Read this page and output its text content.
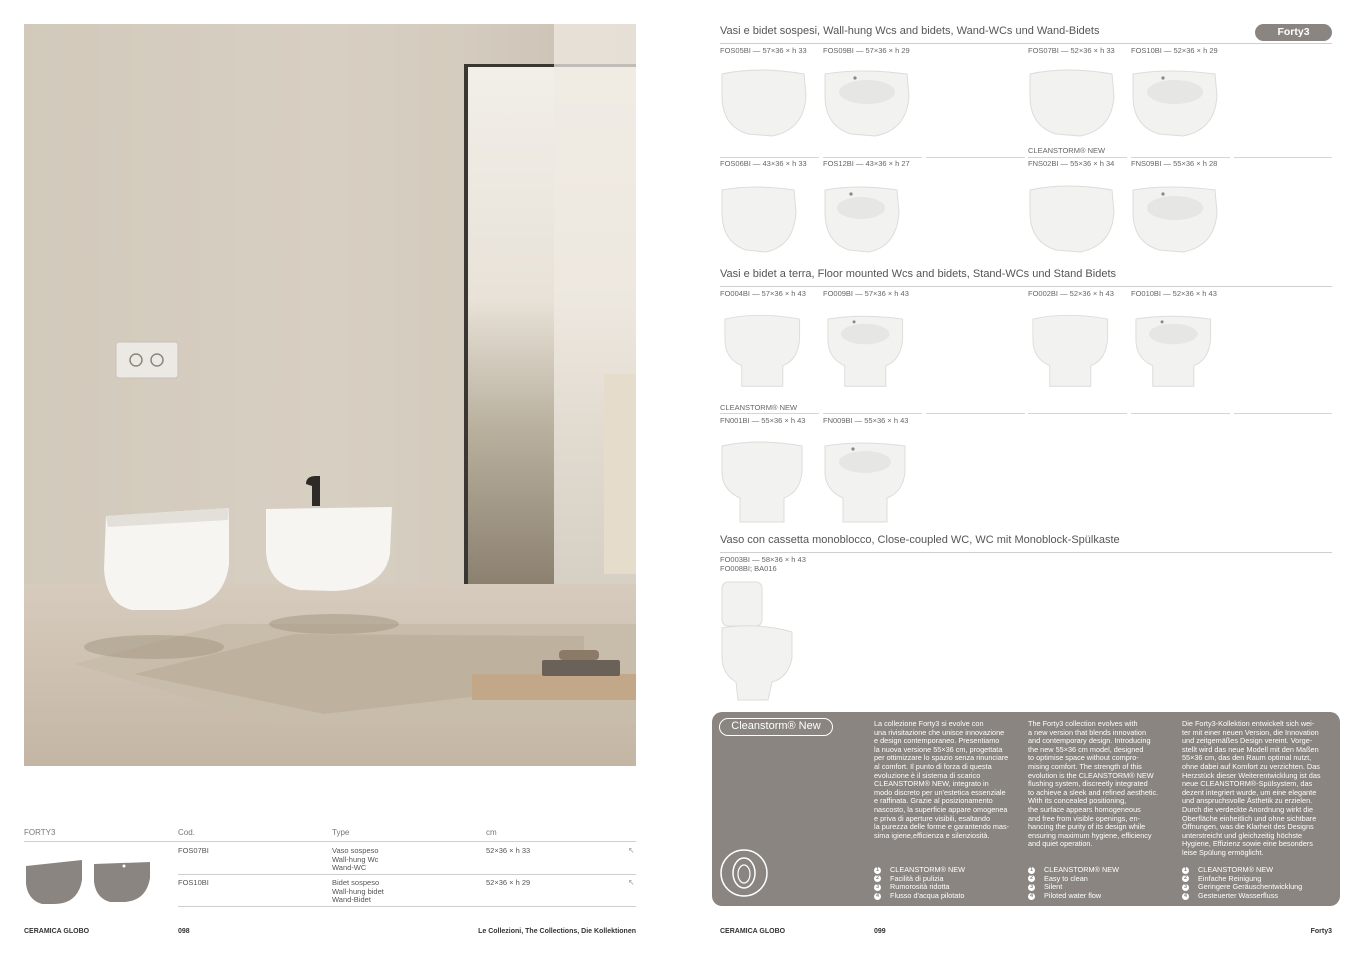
FORTY3	Cod.	Type	cm
FOS07BI	Vaso sospeso
Wall-hung Wc
Wand-WC
52×36 × h 33	↖
FOS10BI	Bidet sospeso
Wall-hung bidet
Wand-Bidet
52×36 × h 29	↖
CERAMICA GLOBO	098	Le Collezioni, The Collections, Die Kollektionen
Vasi e bidet sospesi, Wall-hung Wcs and bidets, Wand-WCs und Wand-Bidets	Forty3
FOS05BI — 57×36 × h 33 FOS09BI — 57×36 × h 29	FOS07BI — 52×36 × h 33 FOS10BI — 52×36 × h 29
CLEANSTORM® NEW
FOS06BI — 43×36 × h 33 FOS12BI — 43×36 × h 27	FNS02BI — 55×36 × h 34 FNS09BI — 55×36 × h 28
Vasi e bidet a terra, Floor mounted Wcs and bidets, Stand-WCs und Stand Bidets
FO004BI — 57×36 × h 43 FO009BI — 57×36 × h 43	FO002BI — 52×36 × h 43 FO010BI — 52×36 × h 43
CLEANSTORM® NEW
FN001BI — 55×36 × h 43 FN009BI — 55×36 × h 43
Vaso con cassetta monoblocco, Close-coupled WC, WC mit Monoblock-Spülkaste
FO003BI — 58×36 × h 43
FO008BI; BA016
Cleanstorm® New	La collezione Forty3 si evolve con
una rivisitazione che unisce innovazione
e design contemporaneo. Presentiamo
la nuova versione 55×36 cm, progettata
per ottimizzare lo spazio senza rinunciare
al comfort. Il punto di forza di questa
evoluzione è il sistema di scarico
CLEANSTORM® NEW, integrato in
modo discreto per un'estetica essenziale
e raffinata. Grazie al posizionamento
nascosto, la superficie appare omogenea
e priva di aperture visibili, esaltando
la purezza delle forme e garantendo mas-
sima igiene,efficienza e silenziosità.
The Forty3 collection evolves with
a new version that blends innovation
and contemporary design. Introducing
the new 55×36 cm model, designed
to optimise space without compro-
mising comfort. The strength of this
evolution is the CLEANSTORM® NEW
flushing system, discreetly integrated
to achieve a sleek and refined aesthetic.
With its concealed positioning,
the surface appears homogeneous
and free from visible openings, en-
hancing the purity of its design while
ensuring maximum hygiene, efficiency
and quiet operation.
Die Forty3-Kollektion entwickelt sich wei-
ter mit einer neuen Version, die Innovation
und zeitgemäßes Design vereint. Vorge-
stellt wird das neue Modell mit den Maßen
55×36 cm, das den Raum optimal nutzt,
ohne dabei auf Komfort zu verzichten. Das
Herzstück dieser Weiterentwicklung ist das
neue CLEANSTORM®-Spülsystem, das
dezent integriert wurde, um eine elegante
und anspruchsvolle Ästhetik zu erzielen.
Durch die verdeckte Anordnung wirkt die
Oberfläche einheitlich und ohne sichtbare
Öffnungen, was die Klarheit des Designs
unterstreicht und gleichzeitig höchste
Hygiene, Effizienz sowie eine besonders
leise Spülung ermöglicht.
1 CLEANSTORM® NEW
2 Facilità di pulizia
3 Rumorosità ridotta
4 Flusso d'acqua pilotato
1 CLEANSTORM® NEW
2 Easy to clean
3 Silent
4 Piloted water flow
1 CLEANSTORM® NEW
2 Einfache Reinigung
3 Geringere Geräuschentwicklung
4 Gesteuerter Wasserfluss
CERAMICA GLOBO	099	Forty3
